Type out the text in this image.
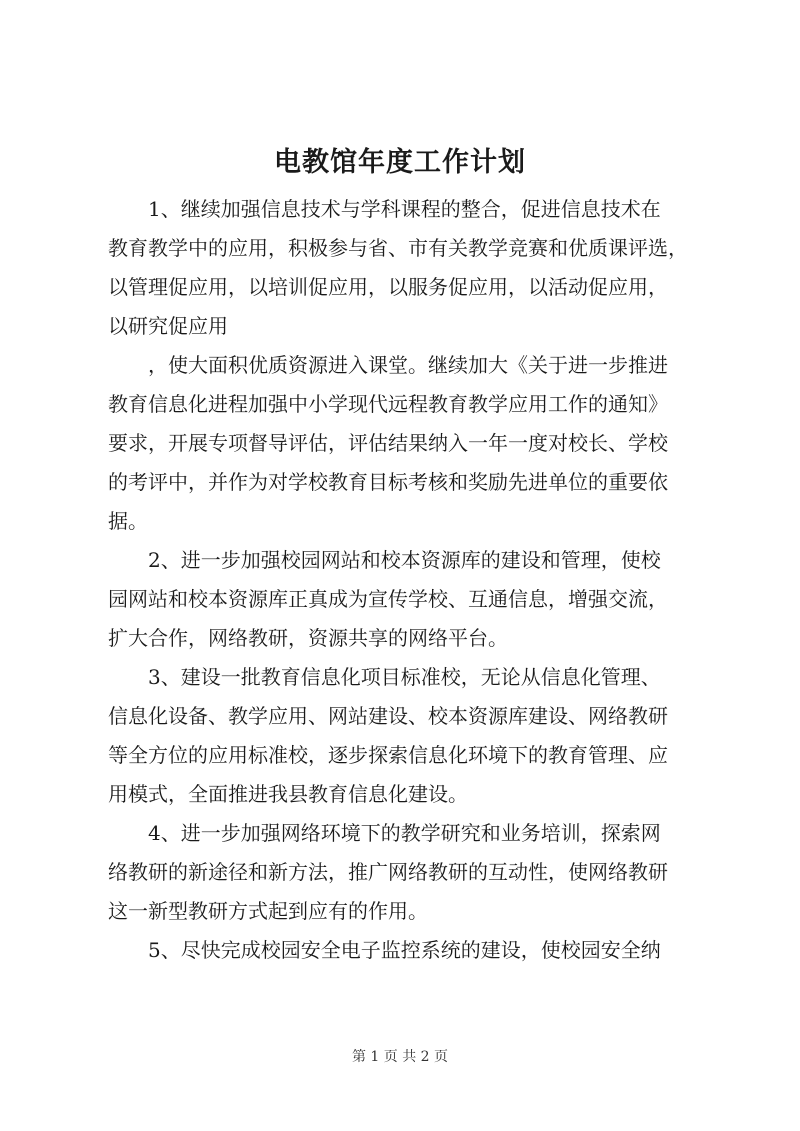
电教馆年度工作计划
1、继续加强信息技术与学科课程的整合，促进信息技术在
教育教学中的应用，积极参与省、市有关教学竞赛和优质课评选，
以管理促应用，以培训促应用，以服务促应用，以活动促应用，
以研究促应用
，使大面积优质资源进入课堂。继续加大《关于进一步推进
教育信息化进程加强中小学现代远程教育教学应用工作的通知》
要求，开展专项督导评估，评估结果纳入一年一度对校长、学校
的考评中，并作为对学校教育目标考核和奖励先进单位的重要依
据。
2、进一步加强校园网站和校本资源库的建设和管理，使校
园网站和校本资源库正真成为宣传学校、互通信息，增强交流，
扩大合作，网络教研，资源共享的网络平台。
3、建设一批教育信息化项目标准校，无论从信息化管理、
信息化设备、教学应用、网站建设、校本资源库建设、网络教研
等全方位的应用标准校，逐步探索信息化环境下的教育管理、应
用模式，全面推进我县教育信息化建设。
4、进一步加强网络环境下的教学研究和业务培训，探索网
络教研的新途径和新方法，推广网络教研的互动性，使网络教研
这一新型教研方式起到应有的作用。
5、尽快完成校园安全电子监控系统的建设，使校园安全纳
第 1 页 共 2 页
